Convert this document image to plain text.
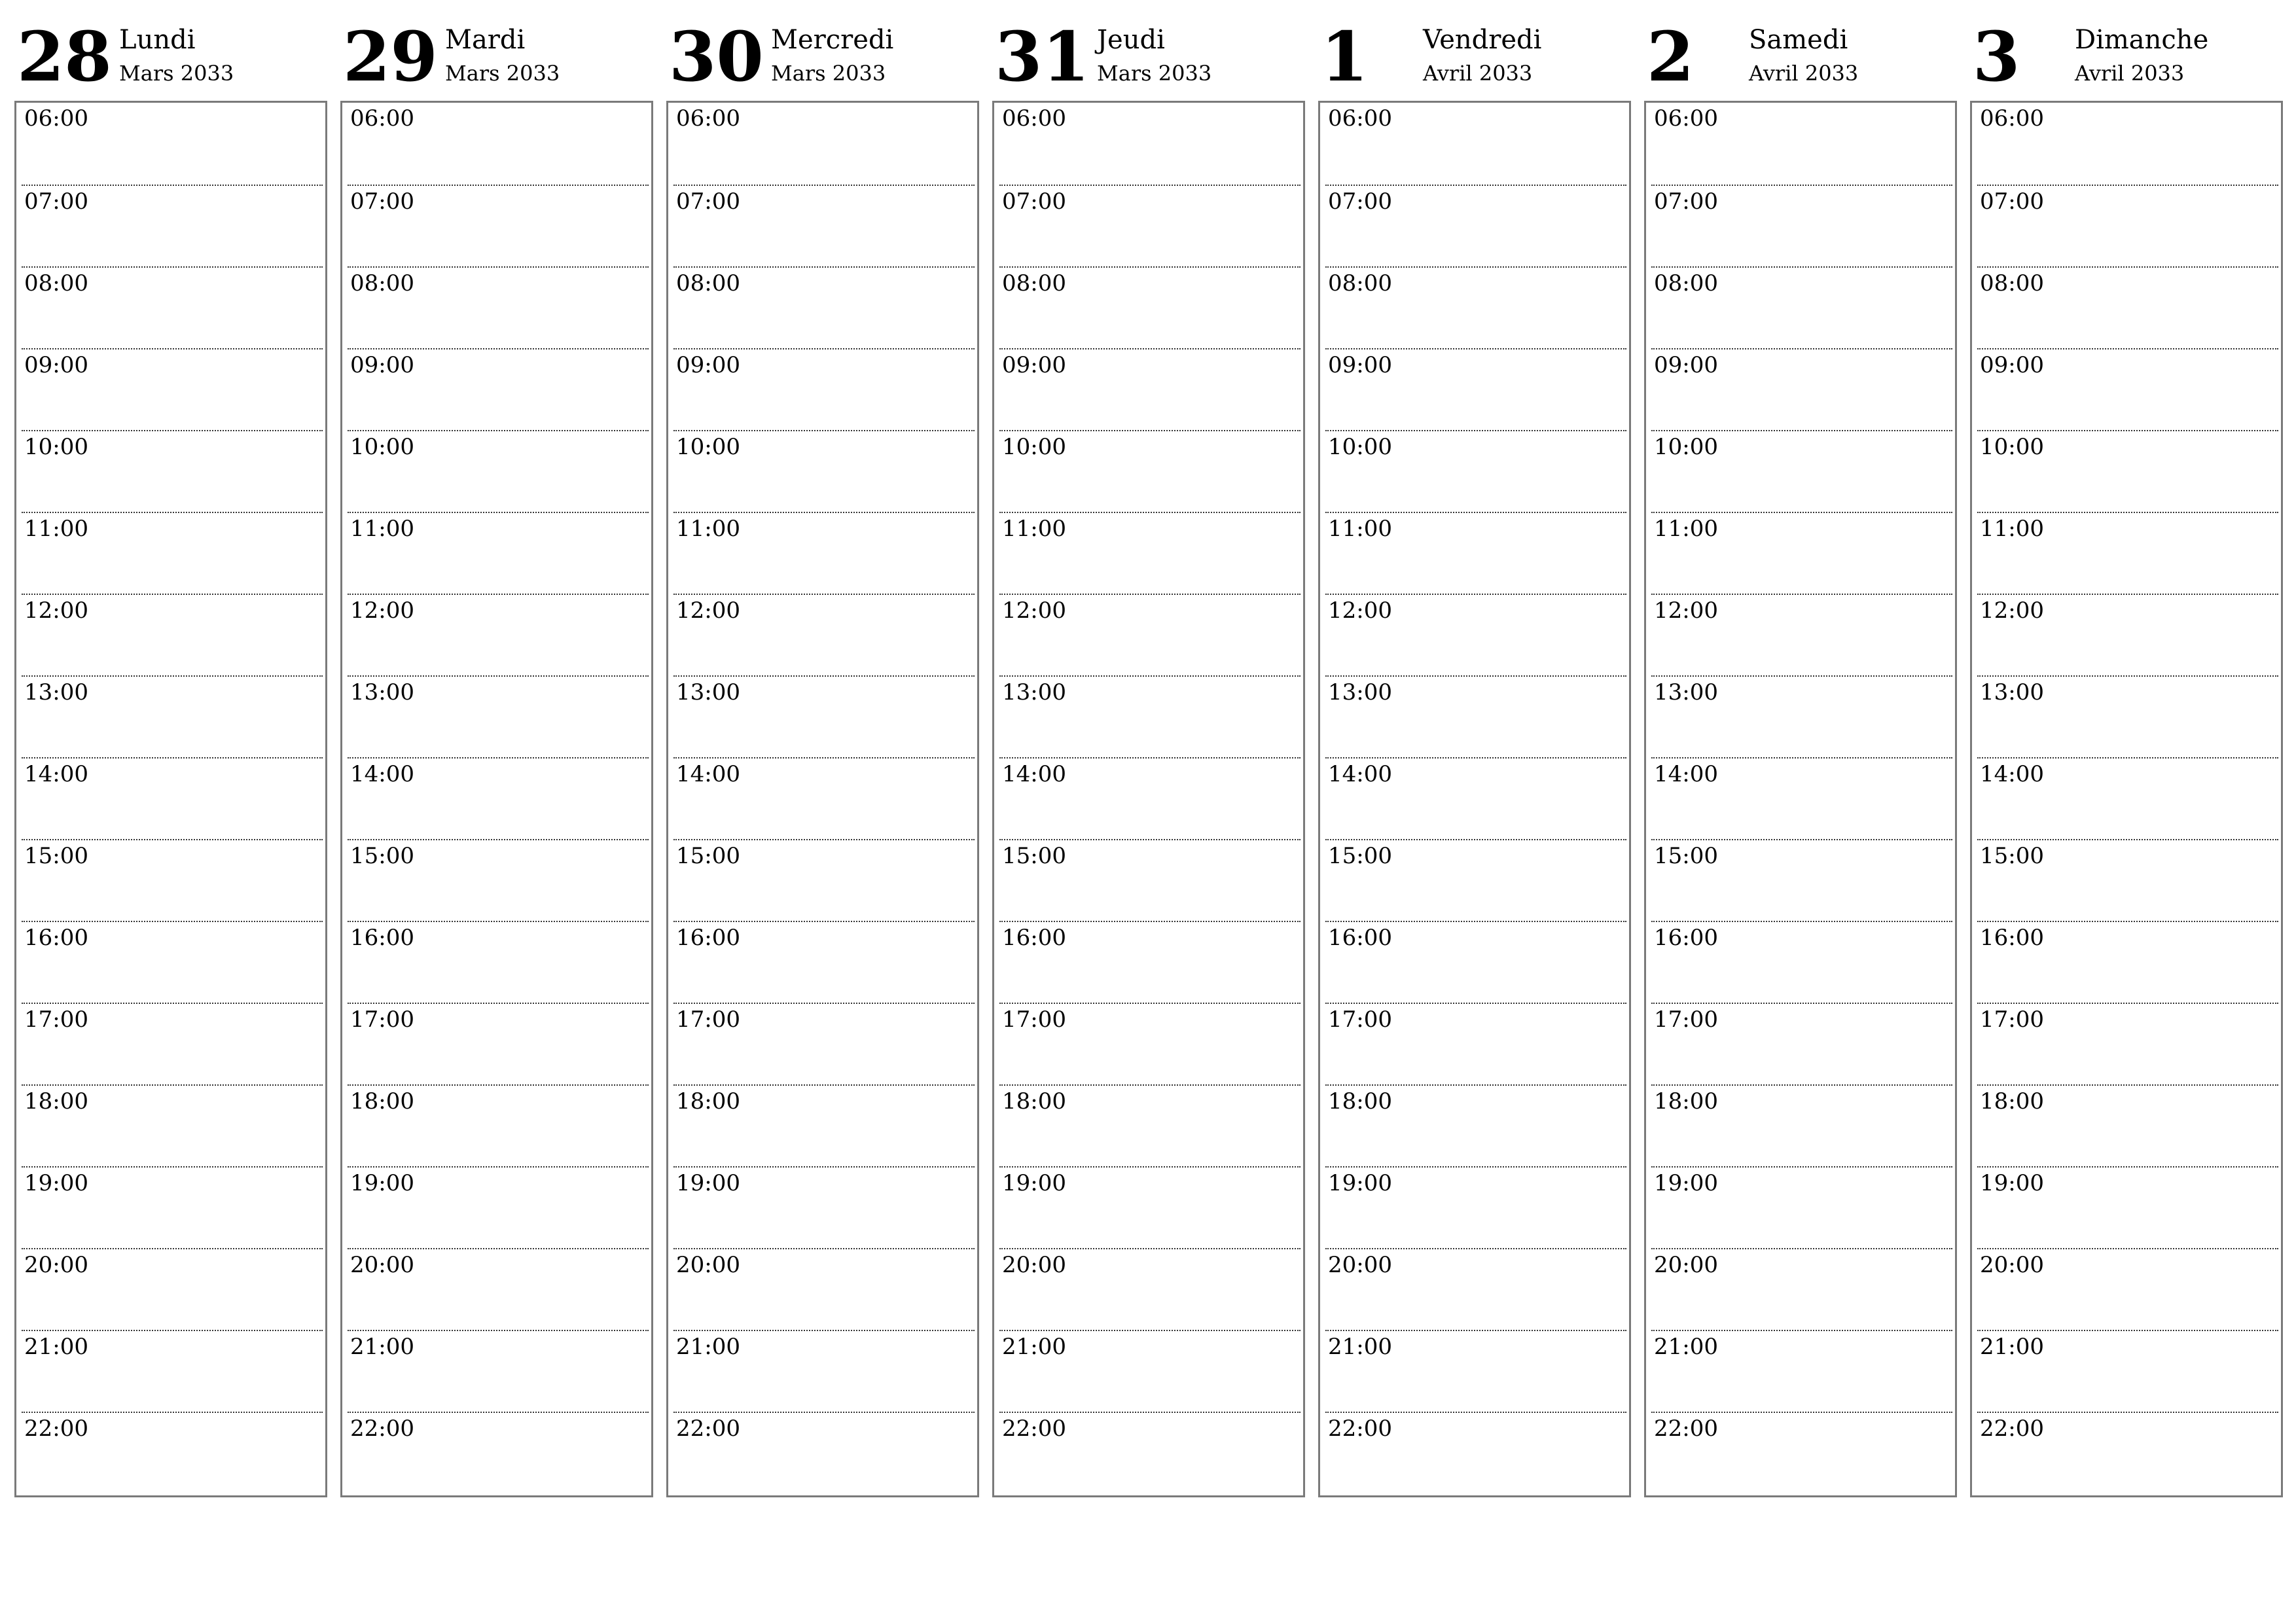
28 Lundi
Mars 2033
06:00
07:00
08:00
09:00
10:00
11:00
12:00
13:00
14:00
15:00
16:00
17:00
18:00
19:00
20:00
21:00
22:00
29 Mardi
Mars 2033
06:00
07:00
08:00
09:00
10:00
11:00
12:00
13:00
14:00
15:00
16:00
17:00
18:00
19:00
20:00
21:00
22:00
30 Mercredi
Mars 2033
06:00
07:00
08:00
09:00
10:00
11:00
12:00
13:00
14:00
15:00
16:00
17:00
18:00
19:00
20:00
21:00
22:00
31 Jeudi
Mars 2033
06:00
07:00
08:00
09:00
10:00
11:00
12:00
13:00
14:00
15:00
16:00
17:00
18:00
19:00
20:00
21:00
22:00
1 Vendredi
Avril 2033
06:00
07:00
08:00
09:00
10:00
11:00
12:00
13:00
14:00
15:00
16:00
17:00
18:00
19:00
20:00
21:00
22:00
2 Samedi
Avril 2033
06:00
07:00
08:00
09:00
10:00
11:00
12:00
13:00
14:00
15:00
16:00
17:00
18:00
19:00
20:00
21:00
22:00
3 Dimanche
Avril 2033
06:00
07:00
08:00
09:00
10:00
11:00
12:00
13:00
14:00
15:00
16:00
17:00
18:00
19:00
20:00
21:00
22:00
